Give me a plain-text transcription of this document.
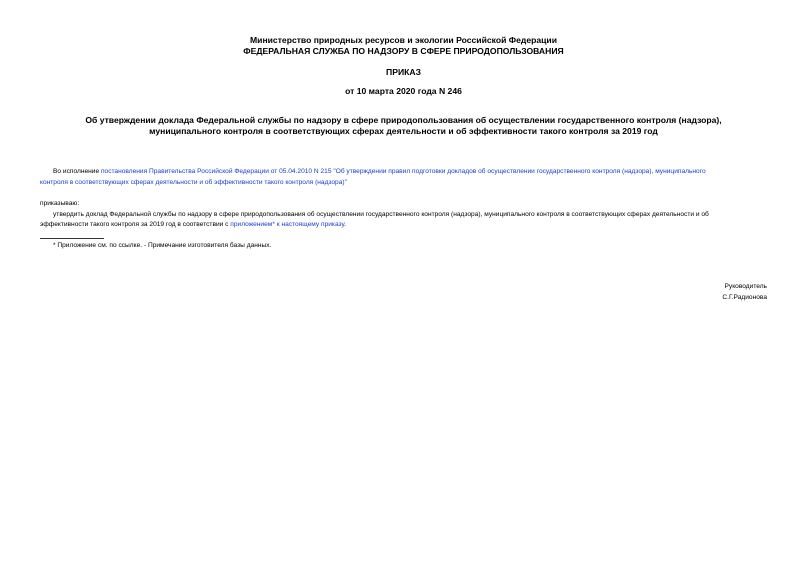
Министерство природных ресурсов и экологии Российской Федерации
ФЕДЕРАЛЬНАЯ СЛУЖБА ПО НАДЗОРУ В СФЕРЕ ПРИРОДОПОЛЬЗОВАНИЯ
ПРИКАЗ
от 10 марта 2020 года N 246
Об утверждении доклада Федеральной службы по надзору в сфере природопользования об осуществлении государственного контроля (надзора),
муниципального контроля в соответствующих сферах деятельности и об эффективности такого контроля за 2019 год
Во исполнение постановления Правительства Российской Федерации от 05.04.2010 N 215 "Об утверждении правил подготовки докладов об осуществлении государственного контроля (надзора), муниципального
контроля в соответствующих сферах деятельности и об эффективности такого контроля (надзора)"
приказываю:
утвердить доклад Федеральной службы по надзору в сфере природопользования об осуществлении государственного контроля (надзора), муниципального контроля в соответствующих сферах деятельности и об
эффективности такого контроля за 2019 год в соответствии с приложением* к настоящему приказу.
* Приложение см. по ссылке. - Примечание изготовителя базы данных.
Руководитель
С.Г.Радионова
